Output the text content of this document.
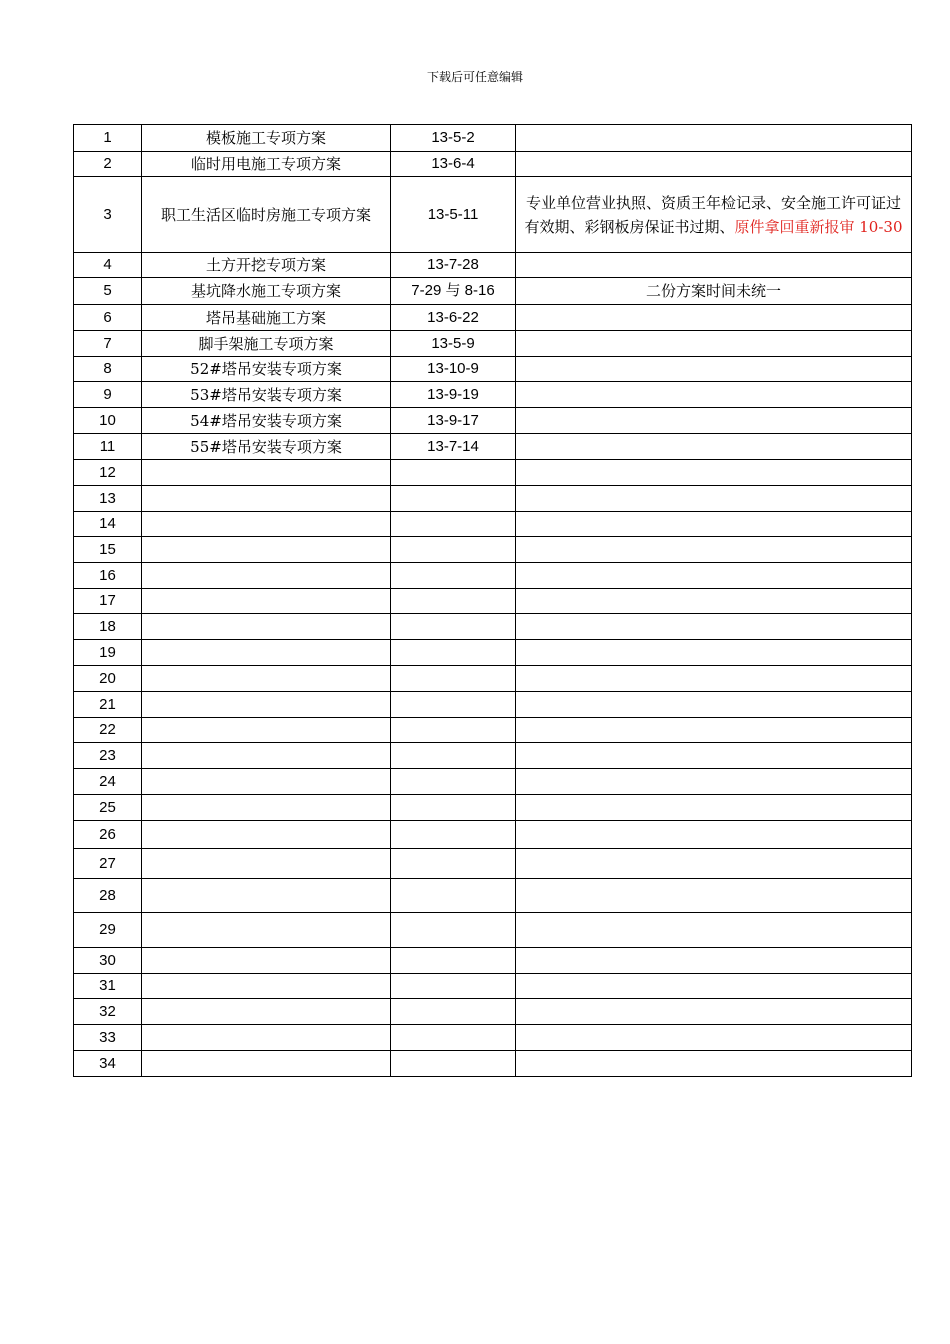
下载后可任意编辑
1	模板施工专项方案	13-5-2	
2	临时用电施工专项方案	13-6-4	
3	职工生活区临时房施工专项方案	13-5-11	专业单位营业执照、资质王年检记录、安全施工许可证过有效期、彩钢板房保证书过期、原件拿回重新报审 10-30
4	土方开挖专项方案	13-7-28	
5	基坑降水施工专项方案	7-29 与 8-16	二份方案时间未统一
6	塔吊基础施工方案	13-6-22	
7	脚手架施工专项方案	13-5-9	
8	52#塔吊安装专项方案	13-10-9	
9	53#塔吊安装专项方案	13-9-19	
10	54#塔吊安装专项方案	13-9-17	
11	55#塔吊安装专项方案	13-7-14	
12			
13			
14			
15			
16			
17			
18			
19			
20			
21			
22			
23			
24			
25			
26			
27			
28			
29			
30			
31			
32			
33			
34			
